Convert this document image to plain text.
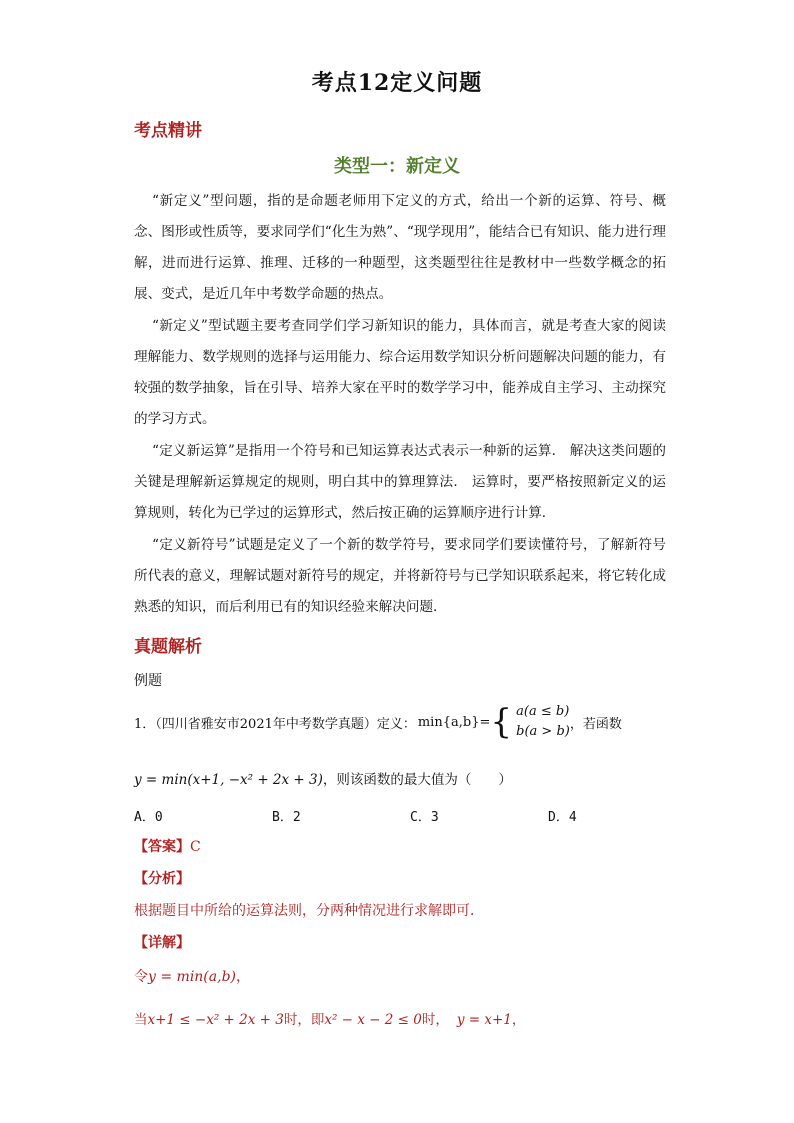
考点12定义问题
考点精讲
类型一：新定义
“新定义”型问题，指的是命题老师用下定义的方式，给出一个新的运算、符号、概念、图形或性质等，要求同学们“化生为熟”、“现学现用”，能结合已有知识、能力进行理解，进而进行运算、推理、迁移的一种题型，这类题型往往是教材中一些数学概念的拓展、变式，是近几年中考数学命题的热点。
“新定义”型试题主要考查同学们学习新知识的能力，具体而言，就是考查大家的阅读理解能力、数学规则的选择与运用能力、综合运用数学知识分析问题解决问题的能力，有较强的数学抽象，旨在引导、培养大家在平时的数学学习中，能养成自主学习、主动探究的学习方式。
“定义新运算”是指用一个符号和已知运算表达式表示一种新的运算． 解决这类问题的关键是理解新运算规定的规则，明白其中的算理算法． 运算时，要严格按照新定义的运算规则，转化为已学过的运算形式，然后按正确的运算顺序进行计算．
“定义新符号”试题是定义了一个新的数学符号，要求同学们要读懂符号，了解新符号所代表的意义，理解试题对新符号的规定，并将新符号与已学知识联系起来，将它转化成熟悉的知识，而后利用已有的知识经验来解决问题．
真题解析
例题
1．（四川省雅安市2021年中考数学真题）定义： min{a,b}= { a(a ≤ b)
b(a > b) ，若函数
y = min(x+1, −x² + 2x + 3)，则该函数的最大值为（　　）
A．0	B．2	C．3	D．4
【答案】C
【分析】
根据题目中所给的运算法则，分两种情况进行求解即可．
【详解】
令y = min(a,b)，
当x+1 ≤ −x² + 2x + 3时，即x² − x − 2 ≤ 0时， y = x+1，
